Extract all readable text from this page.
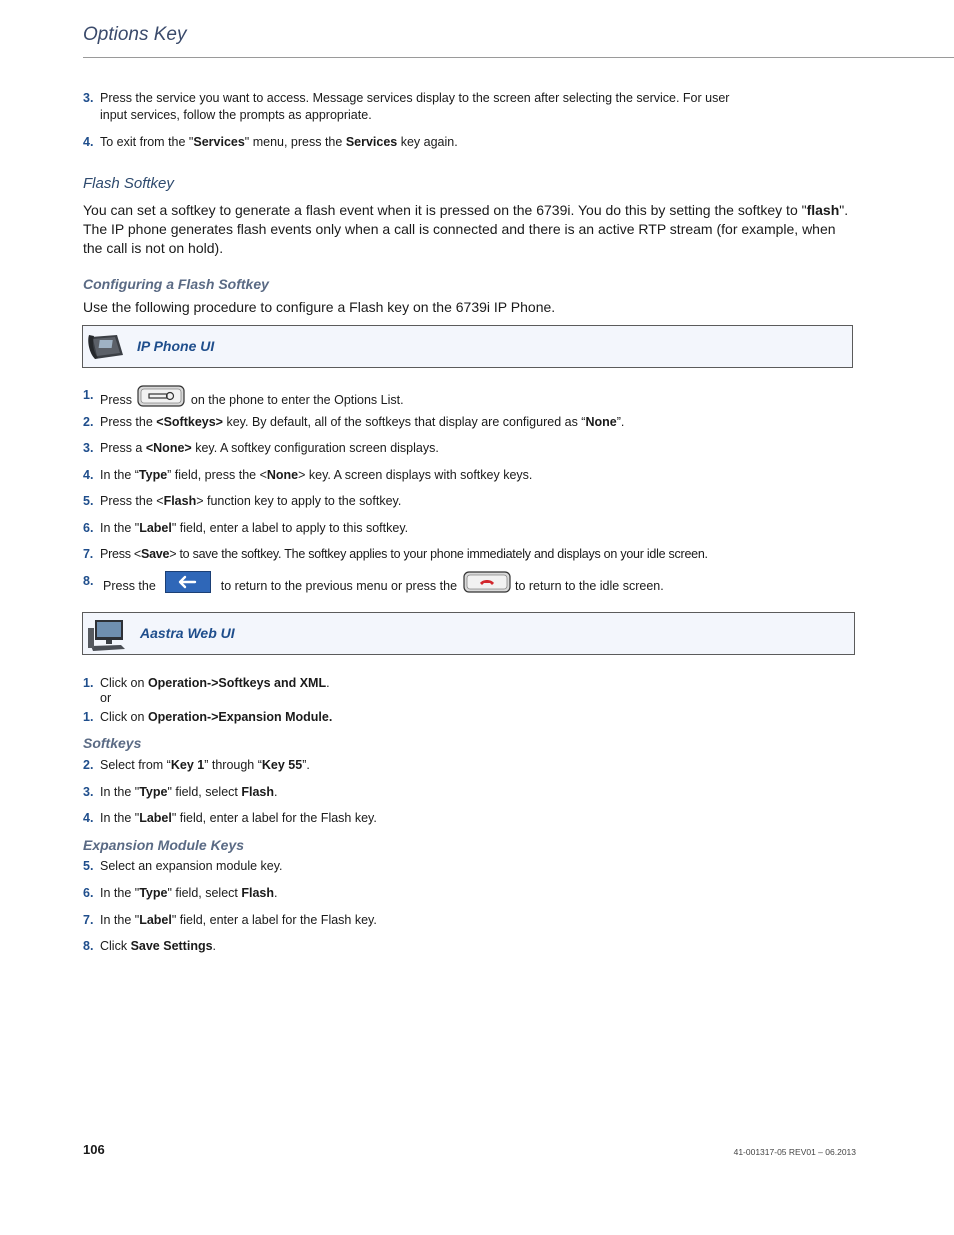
Options Key
3. Press the service you want to access. Message services display to the screen after selecting the service. For user
input services, follow the prompts as appropriate.
4. To exit from the "Services" menu, press the Services key again.
Flash Softkey
You can set a softkey to generate a flash event when it is pressed on the 6739i. You do this by setting the softkey to "flash". The IP phone generates flash events only when a call is connected and there is an active RTP stream (for example, when the call is not on hold).
Configuring a Flash Softkey
Use the following procedure to configure a Flash key on the 6739i IP Phone.
IP Phone UI
1. Press	on the phone to enter the Options List.
2. Press the <Softkeys> key. By default, all of the softkeys that display are configured as “None”.
3. Press a <None> key. A softkey configuration screen displays.
4. In the “Type” field, press the <None> key. A screen displays with softkey keys.
5. Press the <Flash> function key to apply to the softkey.
6. In the "Label" field, enter a label to apply to this softkey.
7. Press <Save> to save the softkey. The softkey applies to your phone immediately and displays on your idle screen.
8. Press the	to return to the previous menu or press the	to return to the idle screen.
Aastra Web UI
1. Click on Operation->Softkeys and XML.
or
1. Click on Operation->Expansion Module.
Softkeys
2. Select from “Key 1” through “Key 55”.
3. In the "Type" field, select Flash.
4. In the "Label" field, enter a label for the Flash key.
Expansion Module Keys
5. Select an expansion module key.
6. In the "Type" field, select Flash.
7. In the "Label" field, enter a label for the Flash key.
8. Click Save Settings.
106	41-001317-05 REV01 – 06.2013
